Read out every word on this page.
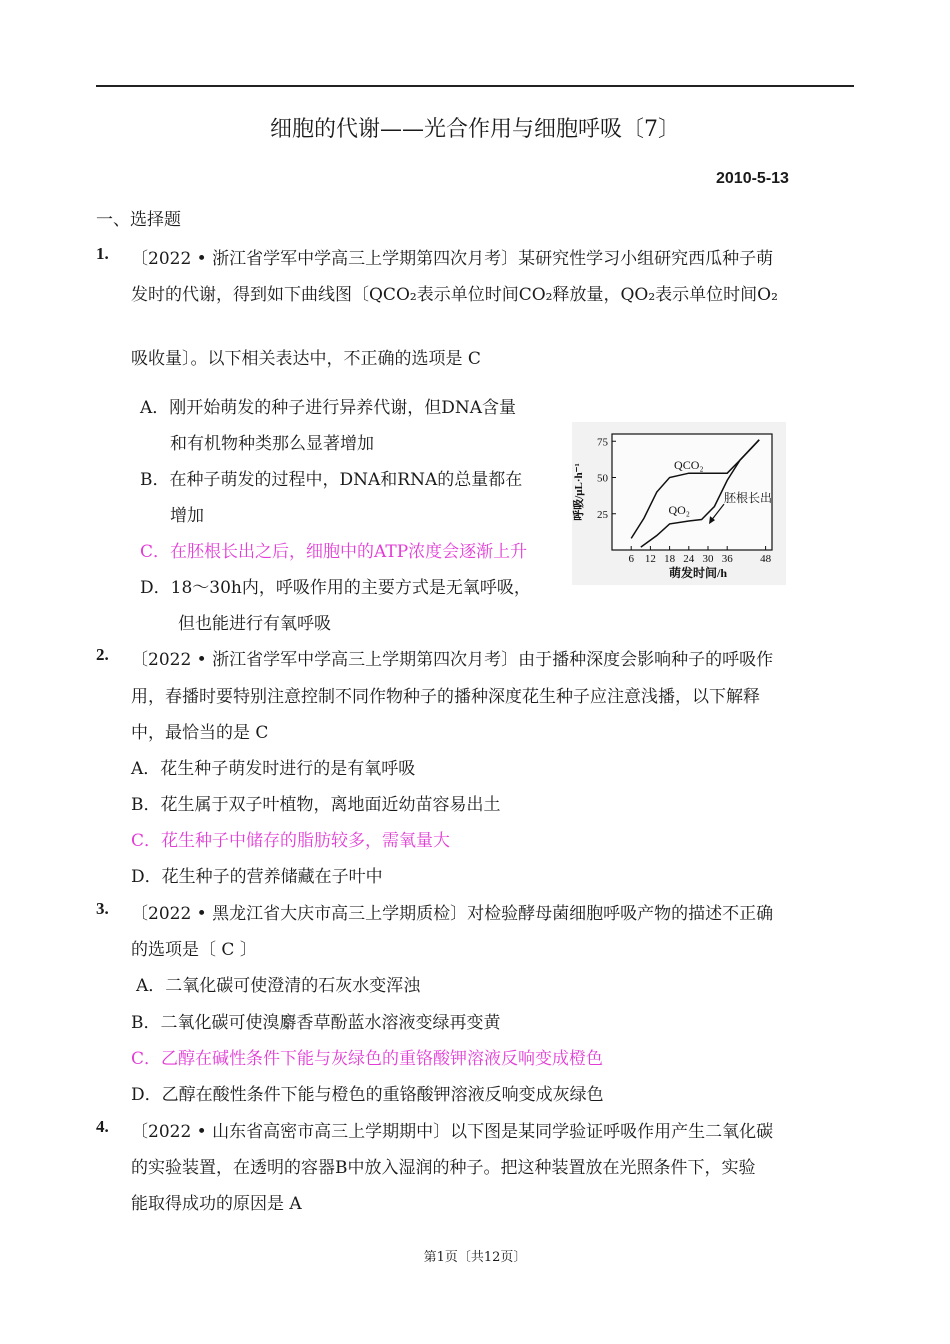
细胞的代谢——光合作用与细胞呼吸〔7〕
2010-5-13
一、选择题
1. 〔2022 • 浙江省学军中学高三上学期第四次月考〕某研究性学习小组研究西瓜种子萌
发时的代谢，得到如下曲线图〔QCO₂表示单位时间CO₂释放量，QO₂表示单位时间O₂
吸收量〕。以下相关表达中，不正确的选项是 C
A．刚开始萌发的种子进行异养代谢，但DNA含量
和有机物种类那么显著增加
B．在种子萌发的过程中，DNA和RNA的总量都在
增加
C．在胚根长出之后，细胞中的ATP浓度会逐渐上升
D．18～30h内，呼吸作用的主要方式是无氧呼吸，
但也能进行有氧呼吸
25
50
75
6 12 18 24 30 36 48
萌发时间/h
呼吸/μL·h⁻¹	QCO₂
QO₂
胚根长出
2. 〔2022 • 浙江省学军中学高三上学期第四次月考〕由于播种深度会影响种子的呼吸作
用，春播时要特别注意控制不同作物种子的播种深度花生种子应注意浅播，以下解释
中，最恰当的是 C
A．花生种子萌发时进行的是有氧呼吸
B．花生属于双子叶植物，离地面近幼苗容易出土
C．花生种子中储存的脂肪较多，需氧量大
D．花生种子的营养储藏在子叶中
3. 〔2022 • 黑龙江省大庆市高三上学期质检〕对检验酵母菌细胞呼吸产物的描述不正确
的选项是〔 C 〕
A．二氧化碳可使澄清的石灰水变浑浊
B．二氧化碳可使溴麝香草酚蓝水溶液变绿再变黄
C．乙醇在碱性条件下能与灰绿色的重铬酸钾溶液反响变成橙色
D．乙醇在酸性条件下能与橙色的重铬酸钾溶液反响变成灰绿色
4. 〔2022 • 山东省高密市高三上学期期中〕以下图是某同学验证呼吸作用产生二氧化碳
的实验装置，在透明的容器B中放入湿润的种子。把这种装置放在光照条件下，实验
能取得成功的原因是 A
第1页〔共12页〕
